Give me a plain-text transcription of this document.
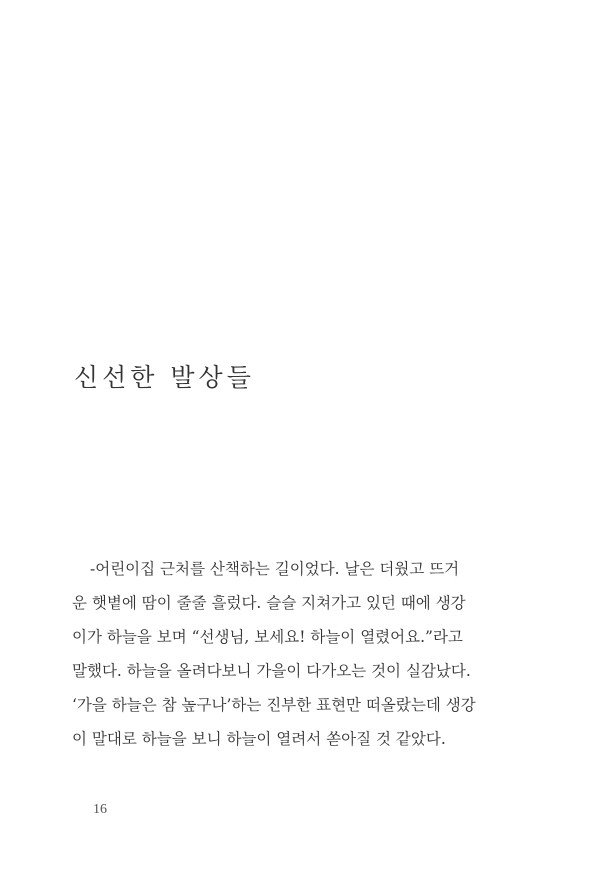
신선한 발상들

-어린이집 근처를 산책하는 길이었다. 날은 더웠고 뜨거

운 햇볕에 땀이 줄줄 흘렀다. 슬슬 지쳐가고 있던 때에 생강

이가 하늘을 보며 “선생님, 보세요! 하늘이 열렸어요.”라고

말했다. 하늘을 올려다보니 가을이 다가오는 것이 실감났다.

‘가을 하늘은 참 높구나’하는 진부한 표현만 떠올랐는데 생강

이 말대로 하늘을 보니 하늘이 열려서 쏟아질 것 같았다.

16
